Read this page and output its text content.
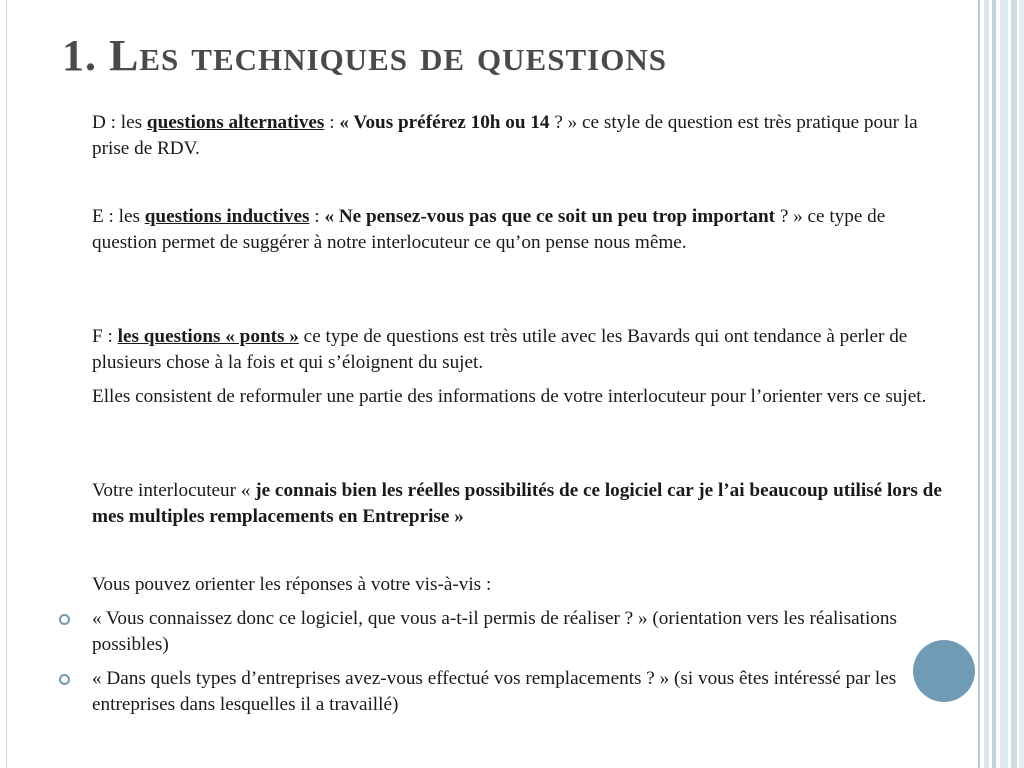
1. Les techniques de questions

D : les questions alternatives : « Vous préférez 10h ou 14 ? » ce style de question est très pratique pour la prise de RDV.

E : les questions inductives : « Ne pensez-vous pas que ce soit un peu trop important ? » ce type de question permet de suggérer à notre interlocuteur ce qu’on pense nous même.

F : les questions « ponts » ce type de questions est très utile avec les Bavards qui ont tendance à perler de plusieurs chose à la fois et qui s’éloignent du sujet.

Elles consistent de reformuler une partie des informations de votre interlocuteur pour l’orienter vers ce sujet.

Votre interlocuteur « je connais bien les réelles possibilités de ce logiciel car je l’ai beaucoup utilisé lors de mes multiples remplacements en Entreprise »

Vous pouvez orienter les réponses à votre vis-à-vis :

« Vous connaissez donc ce logiciel, que vous a-t-il permis de réaliser ? » (orientation vers les réalisations possibles)

« Dans quels types d’entreprises avez-vous effectué vos remplacements ? » (si vous êtes intéressé par les entreprises dans lesquelles il a travaillé)
